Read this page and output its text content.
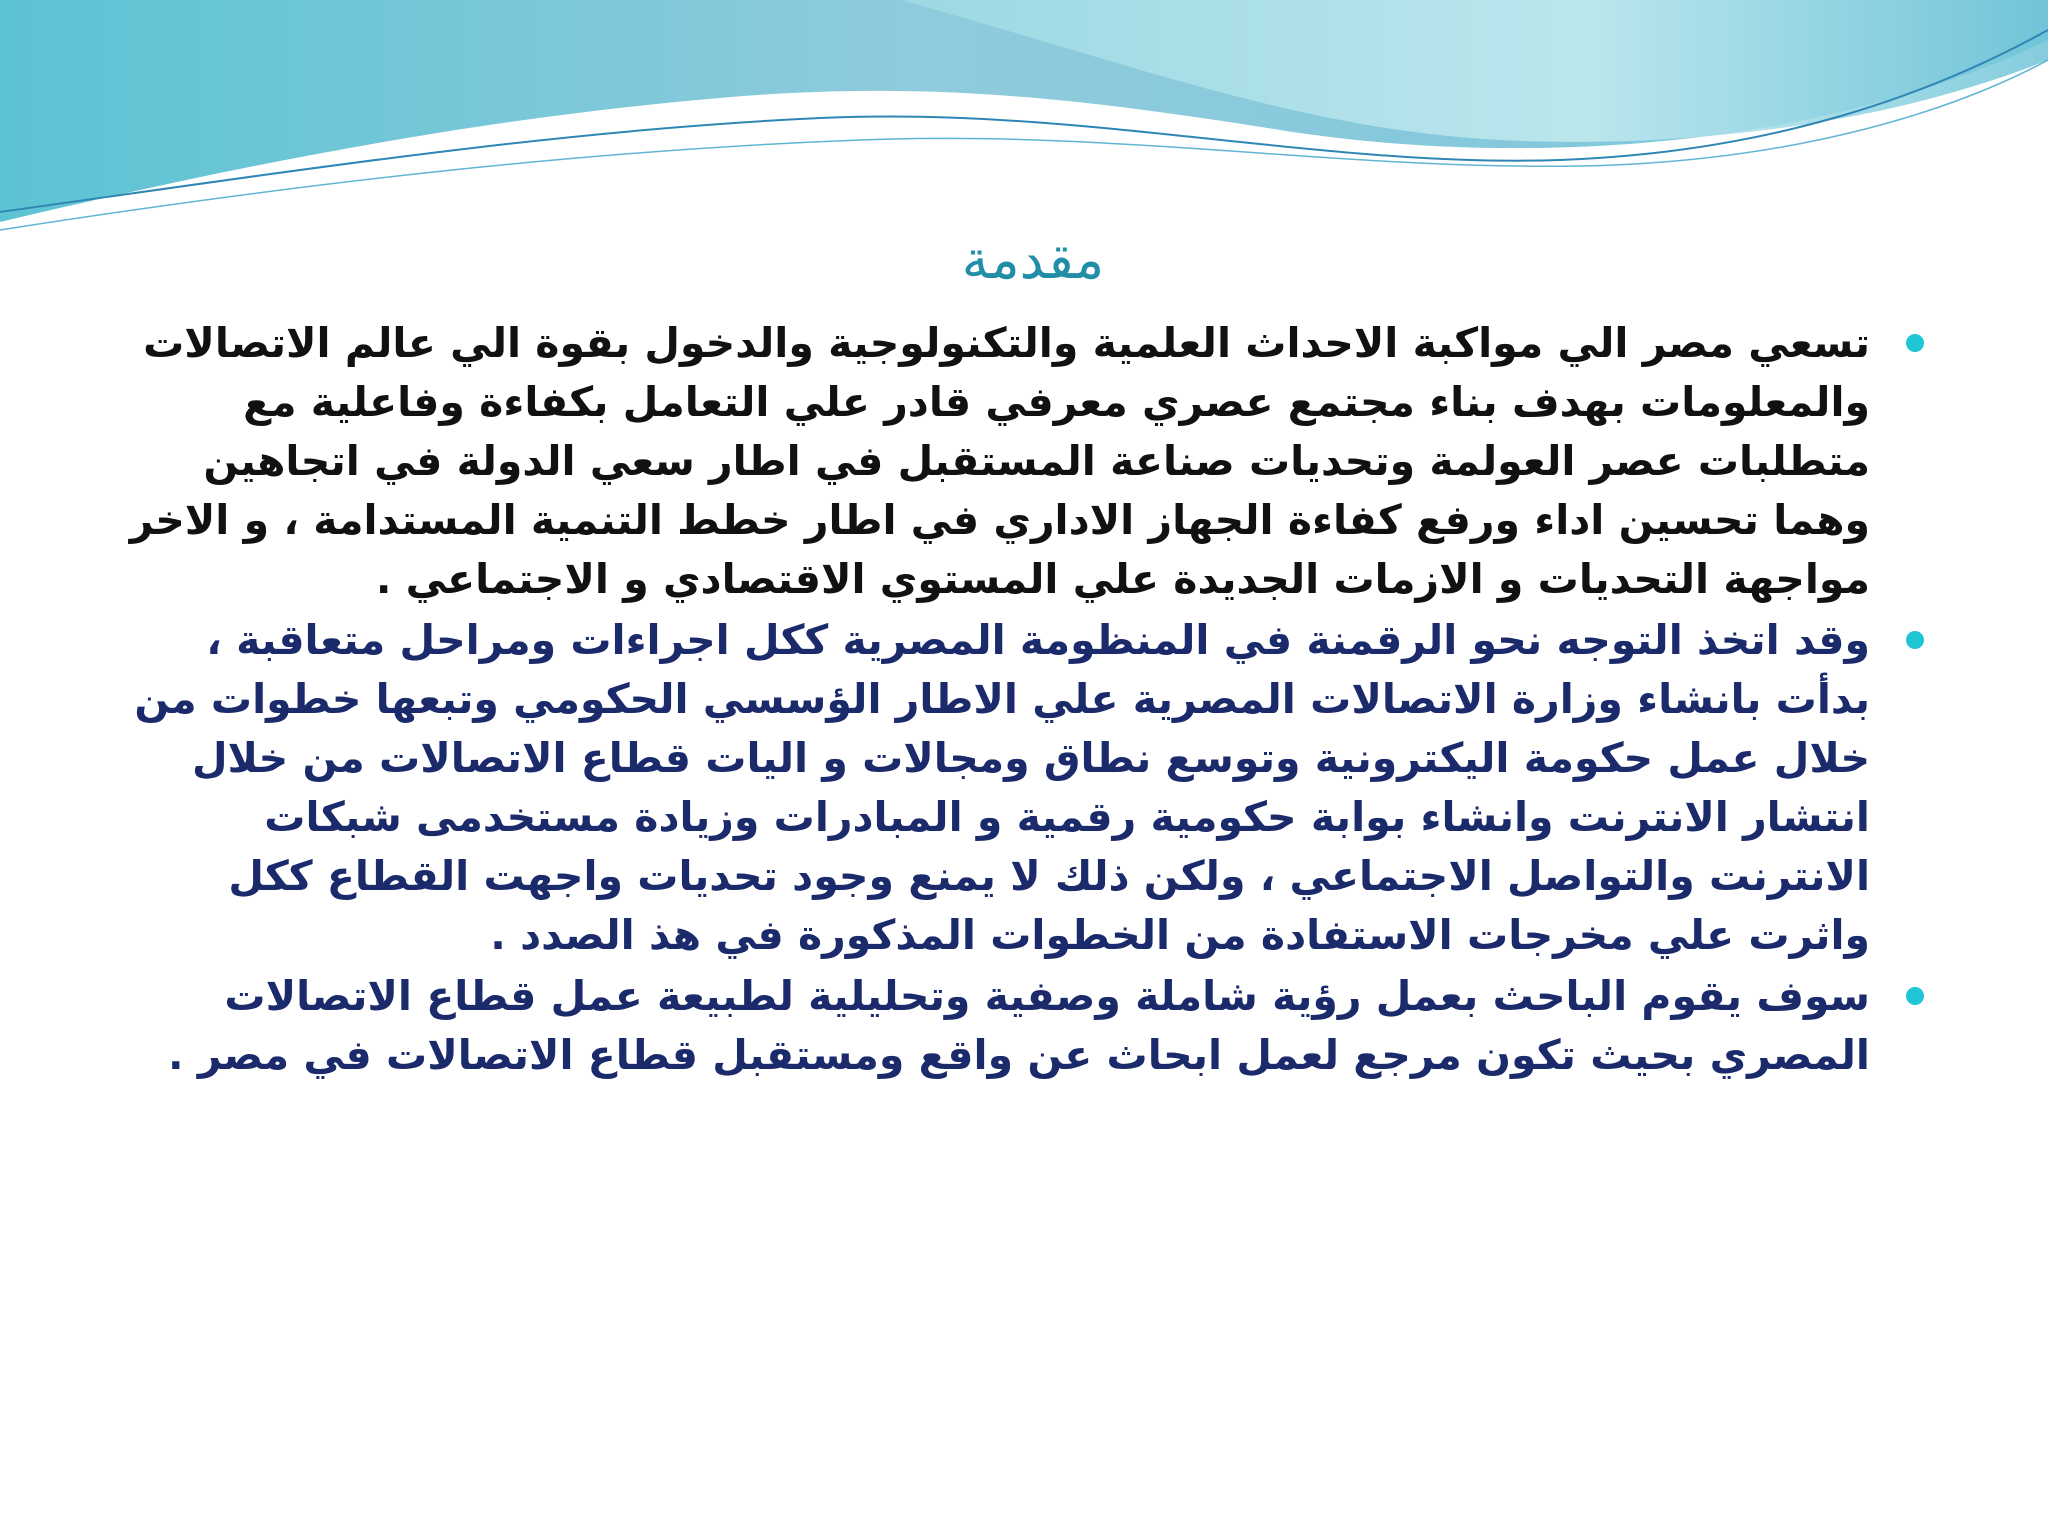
مقدمة
تسعي مصر الي مواكبة الاحداث العلمية والتكنولوجية والدخول بقوة الي عالم الاتصالات والمعلومات بهدف بناء مجتمع عصري معرفي قادر علي التعامل بكفاءة وفاعلية مع متطلبات عصر العولمة وتحديات صناعة المستقبل في اطار سعي الدولة في اتجاهين وهما تحسين اداء ورفع كفاءة الجهاز الاداري في اطار خطط التنمية المستدامة ، و الاخر مواجهة التحديات و الازمات الجديدة علي المستوي الاقتصادي و الاجتماعي .
وقد اتخذ التوجه نحو الرقمنة في المنظومة المصرية ككل اجراءات ومراحل متعاقبة ، بدأت بانشاء وزارة الاتصالات المصرية علي الاطار الؤسسي الحكومي وتبعها خطوات من خلال عمل حكومة اليكترونية وتوسع نطاق ومجالات و اليات قطاع الاتصالات من خلال انتشار الانترنت وانشاء بوابة حكومية رقمية و المبادرات وزيادة مستخدمى شبكات الانترنت والتواصل الاجتماعي ، ولكن ذلك لا يمنع وجود تحديات واجهت القطاع ككل واثرت علي مخرجات الاستفادة من الخطوات المذكورة في هذ الصدد .
سوف يقوم الباحث بعمل رؤية شاملة وصفية وتحليلية لطبيعة عمل قطاع الاتصالات المصري بحيث تكون مرجع لعمل ابحاث عن واقع ومستقبل قطاع الاتصالات في مصر .
